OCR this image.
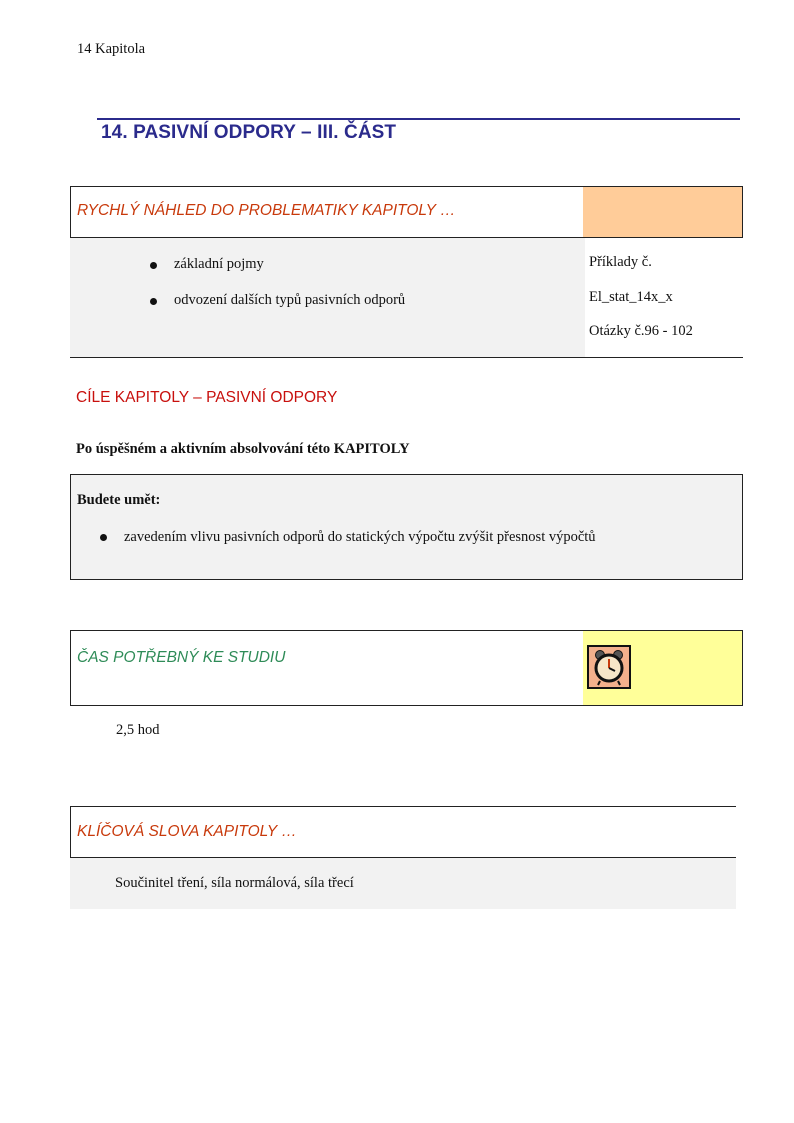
14 Kapitola
14. PASIVNÍ ODPORY – III. ČÁST
RYCHLÝ NÁHLED DO PROBLEMATIKY KAPITOLY …
základní pojmy
odvození dalších typů pasivních odporů
Příklady č.
El_stat_14x_x
Otázky č.96 - 102
CÍLE KAPITOLY – PASIVNÍ ODPORY
Po úspěšném a aktivním absolvování této KAPITOLY
Budete umět:
zavedením vlivu pasivních odporů do statických výpočtu zvýšit přesnost výpočtů
ČAS POTŘEBNÝ KE STUDIU
2,5 hod
KLÍČOVÁ SLOVA KAPITOLY …
Součinitel tření, síla normálová, síla třecí
